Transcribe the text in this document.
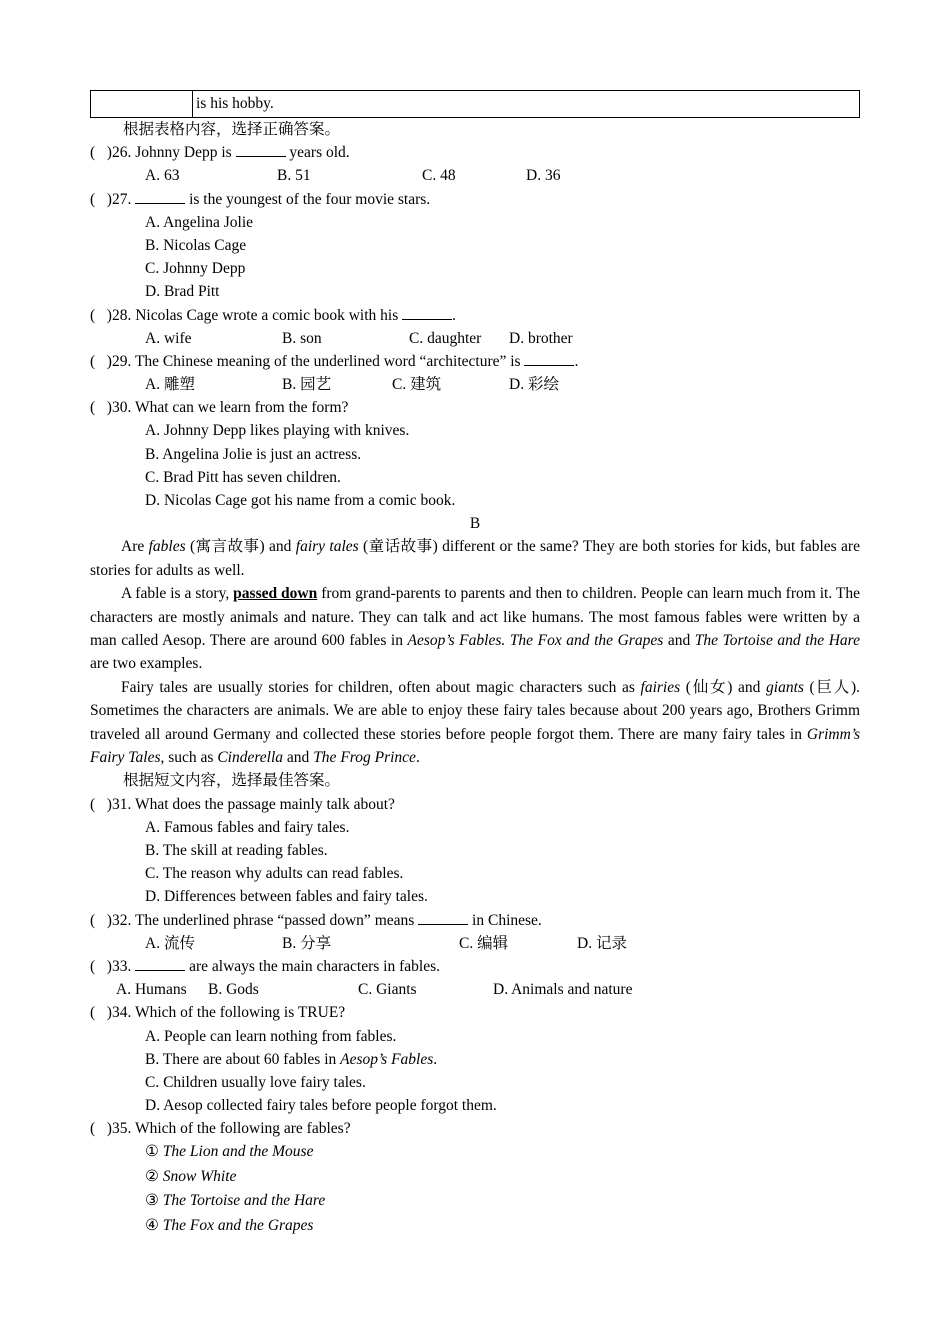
	is his hobby.
根据表格内容，选择正确答案。
( )26. Johnny Depp is	years old.
A. 63	B. 51	C. 48	D. 36
( )27.	is the youngest of the four movie stars.
A. Angelina Jolie
B. Nicolas Cage
C. Johnny Depp
D. Brad Pitt
( )28. Nicolas Cage wrote a comic book with his	.
A. wife	B. son	C. daughter D. brother
( )29. The Chinese meaning of the underlined word “architecture” is	.
A. 雕塑	B. 园艺	C. 建筑	D. 彩绘
( )30. What can we learn from the form?
A. Johnny Depp likes playing with knives.
B. Angelina Jolie is just an actress.
C. Brad Pitt has seven children.
D. Nicolas Cage got his name from a comic book.
B

Are fables (寓言故事) and fairy tales (童话故事) different or the same? They are both stories for kids, but fables are stories for adults as well.

A fable is a story, passed down from grand-parents to parents and then to children. People can learn much from it. The characters are mostly animals and nature. They can talk and act like humans. The most famous fables were written by a man called Aesop. There are around 600 fables in Aesop’s Fables. The Fox and the Grapes and The Tortoise and the Hare are two examples.

Fairy tales are usually stories for children, often about magic characters such as fairies (仙女) and giants (巨人). Sometimes the characters are animals. We are able to enjoy these fairy tales because about 200 years ago, Brothers Grimm traveled all around Germany and collected these stories before people forgot them. There are many fairy tales in Grimm’s Fairy Tales, such as Cinderella and The Frog Prince.

根据短文内容，选择最佳答案。
( )31. What does the passage mainly talk about?
A. Famous fables and fairy tales.
B. The skill at reading fables.
C. The reason why adults can read fables.
D. Differences between fables and fairy tales.
( )32. The underlined phrase “passed down” means	in Chinese.
A. 流传	B. 分享	C. 编辑	D. 记录
( )33.	are always the main characters in fables.
A. Humans B. Gods	C. Giants	D. Animals and nature
( )34. Which of the following is TRUE?
A. People can learn nothing from fables.
B. There are about 60 fables in Aesop’s Fables.
C. Children usually love fairy tales.
D. Aesop collected fairy tales before people forgot them.
( )35. Which of the following are fables?
① The Lion and the Mouse
② Snow White
③ The Tortoise and the Hare
④ The Fox and the Grapes
